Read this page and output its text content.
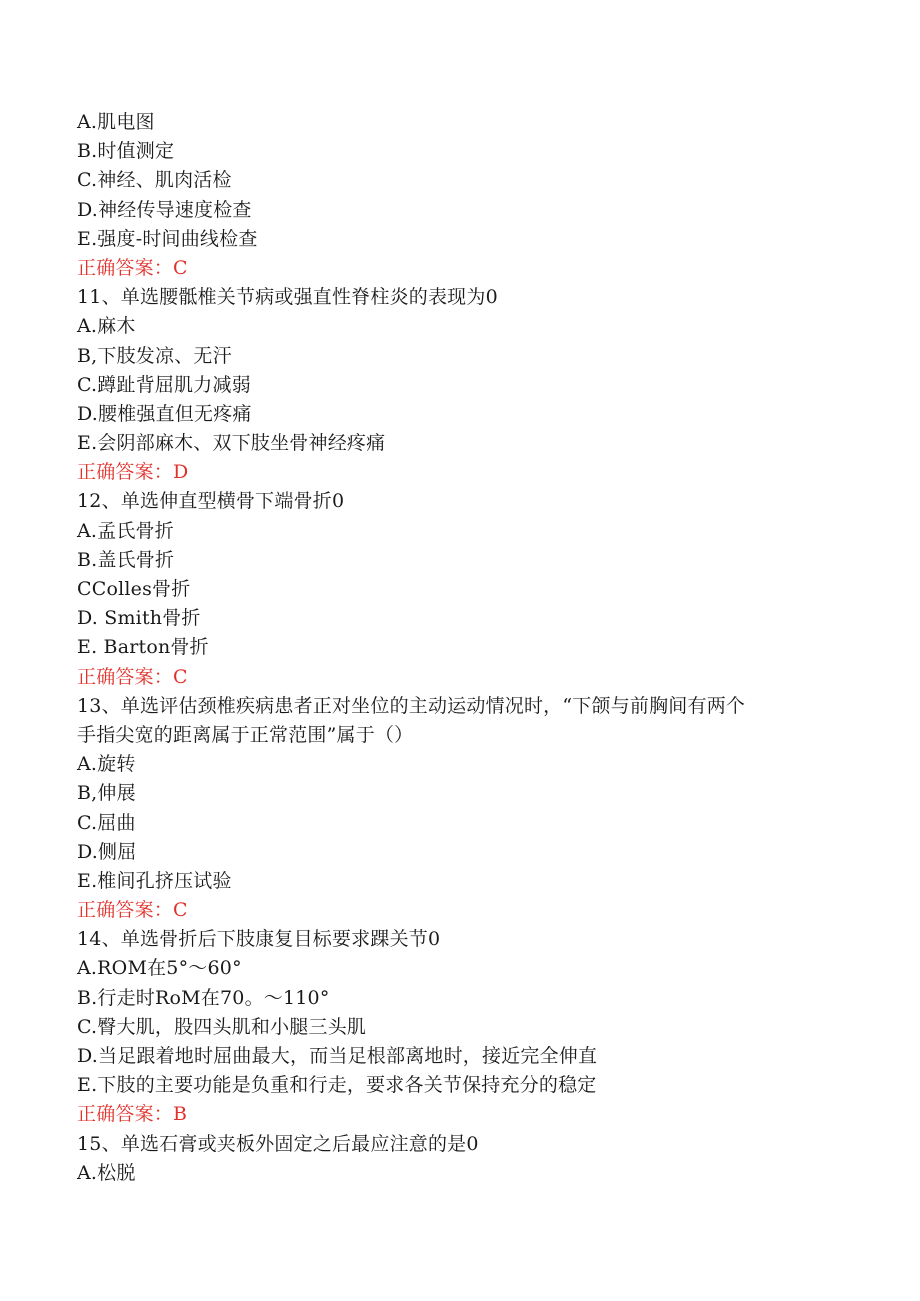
A.肌电图
B.时值测定
C.神经、肌肉活检
D.神经传导速度检查
E.强度-时间曲线检查
正确答案：C
11、单选腰骶椎关节病或强直性脊柱炎的表现为0
A.麻木
B,下肢发凉、无汗
C.蹲趾背屈肌力减弱
D.腰椎强直但无疼痛
E.会阴部麻木、双下肢坐骨神经疼痛
正确答案：D
12、单选伸直型横骨下端骨折0
A.孟氏骨折
B.盖氏骨折
CColles骨折
D. Smith骨折
E. Barton骨折
正确答案：C
13、单选评估颈椎疾病患者正对坐位的主动运动情况时，“下颌与前胸间有两个
手指尖宽的距离属于正常范围”属于（）
A.旋转
B,伸展
C.屈曲
D.侧屈
E.椎间孔挤压试验
正确答案：C
14、单选骨折后下肢康复目标要求踝关节0
A.ROM在5°～60°
B.行走时RoM在70。～110°
C.臀大肌，股四头肌和小腿三头肌
D.当足跟着地时屈曲最大，而当足根部离地时，接近完全伸直
E.下肢的主要功能是负重和行走，要求各关节保持充分的稳定
正确答案：B
15、单选石膏或夹板外固定之后最应注意的是0
A.松脱
